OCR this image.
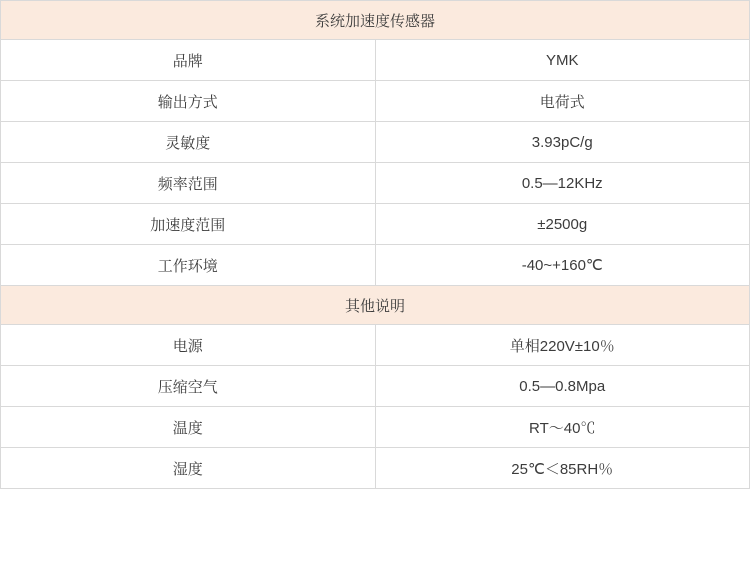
系统加速度传感器	
品牌	YMK
输出方式	电荷式
灵敏度	3.93pC/g
频率范围	0.5—12KHz
加速度范围	±2500g
工作环境	-40~+160℃
其他说明	
电源	单相220V±10％
压缩空气	0.5—0.8Mpa
温度	RT～40℃
湿度	25℃＜85RH％
